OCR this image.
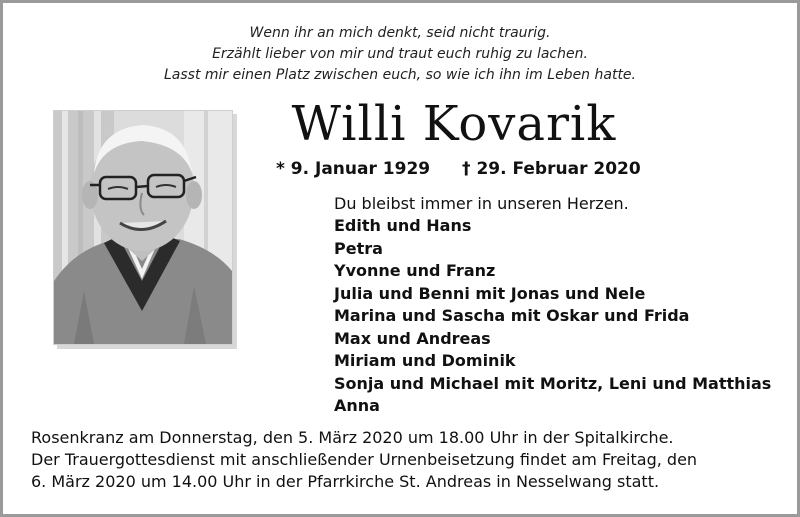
Wenn ihr an mich denkt, seid nicht traurig.
Erzählt lieber von mir und traut euch ruhig zu lachen.
Lasst mir einen Platz zwischen euch, so wie ich ihn im Leben hatte.
Willi Kovarik
* 9. Januar 1929 † 29. Februar 2020
Du bleibst immer in unseren Herzen.
Edith und Hans
Petra
Yvonne und Franz
Julia und Benni mit Jonas und Nele
Marina und Sascha mit Oskar und Frida
Max und Andreas
Miriam und Dominik
Sonja und Michael mit Moritz, Leni und Matthias
Anna
Rosenkranz am Donnerstag, den 5. März 2020 um 18.00 Uhr in der Spitalkirche.
Der Trauergottesdienst mit anschließender Urnenbeisetzung findet am Freitag, den
6. März 2020 um 14.00 Uhr in der Pfarrkirche St. Andreas in Nesselwang statt.
